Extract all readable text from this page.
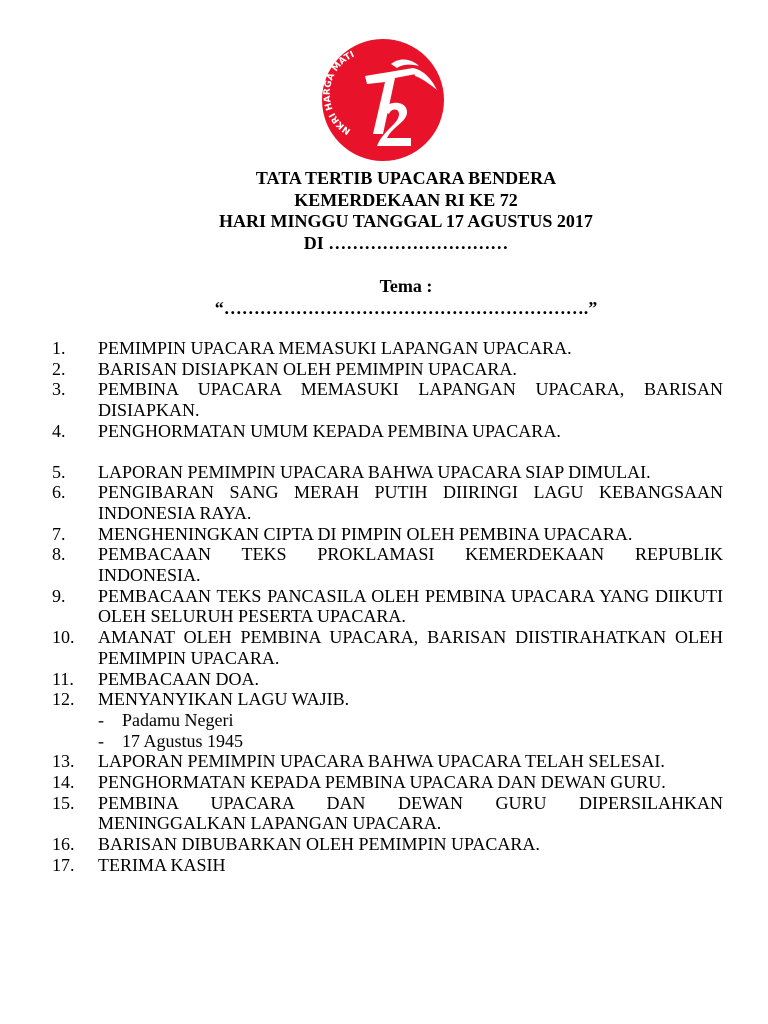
NKRI HARGA MATI
TATA TERTIB UPACARA BENDERA
KEMERDEKAAN RI KE 72
HARI MINGGU TANGGAL 17 AGUSTUS 2017
DI …………………………
Tema :
“…………………………………………………….”
1.	PEMIMPIN UPACARA MEMASUKI LAPANGAN UPACARA.
2.	BARISAN DISIAPKAN OLEH PEMIMPIN UPACARA.
3.	PEMBINA UPACARA MEMASUKI LAPANGAN UPACARA, BARISAN DISIAPKAN.
4.	PENGHORMATAN UMUM KEPADA PEMBINA UPACARA.
5.	LAPORAN PEMIMPIN UPACARA BAHWA UPACARA SIAP DIMULAI.
6.	PENGIBARAN SANG MERAH PUTIH DIIRINGI LAGU KEBANGSAAN INDONESIA RAYA.
7.	MENGHENINGKAN CIPTA DI PIMPIN OLEH PEMBINA UPACARA.
8.	PEMBACAAN TEKS PROKLAMASI KEMERDEKAAN REPUBLIK INDONESIA.
9.	PEMBACAAN TEKS PANCASILA OLEH PEMBINA UPACARA YANG DIIKUTI OLEH SELURUH PESERTA UPACARA.
10.	AMANAT OLEH PEMBINA UPACARA, BARISAN DIISTIRAHATKAN OLEH PEMIMPIN UPACARA.
11.	PEMBACAAN DOA.
12.	MENYANYIKAN LAGU WAJIB.
-	Padamu Negeri
-	17 Agustus 1945
13.	LAPORAN PEMIMPIN UPACARA BAHWA UPACARA TELAH SELESAI.
14.	PENGHORMATAN KEPADA PEMBINA UPACARA DAN DEWAN GURU.
15.	PEMBINA UPACARA DAN DEWAN GURU DIPERSILAHKAN MENINGGALKAN LAPANGAN UPACARA.
16.	BARISAN DIBUBARKAN OLEH PEMIMPIN UPACARA.
17.	TERIMA KASIH
